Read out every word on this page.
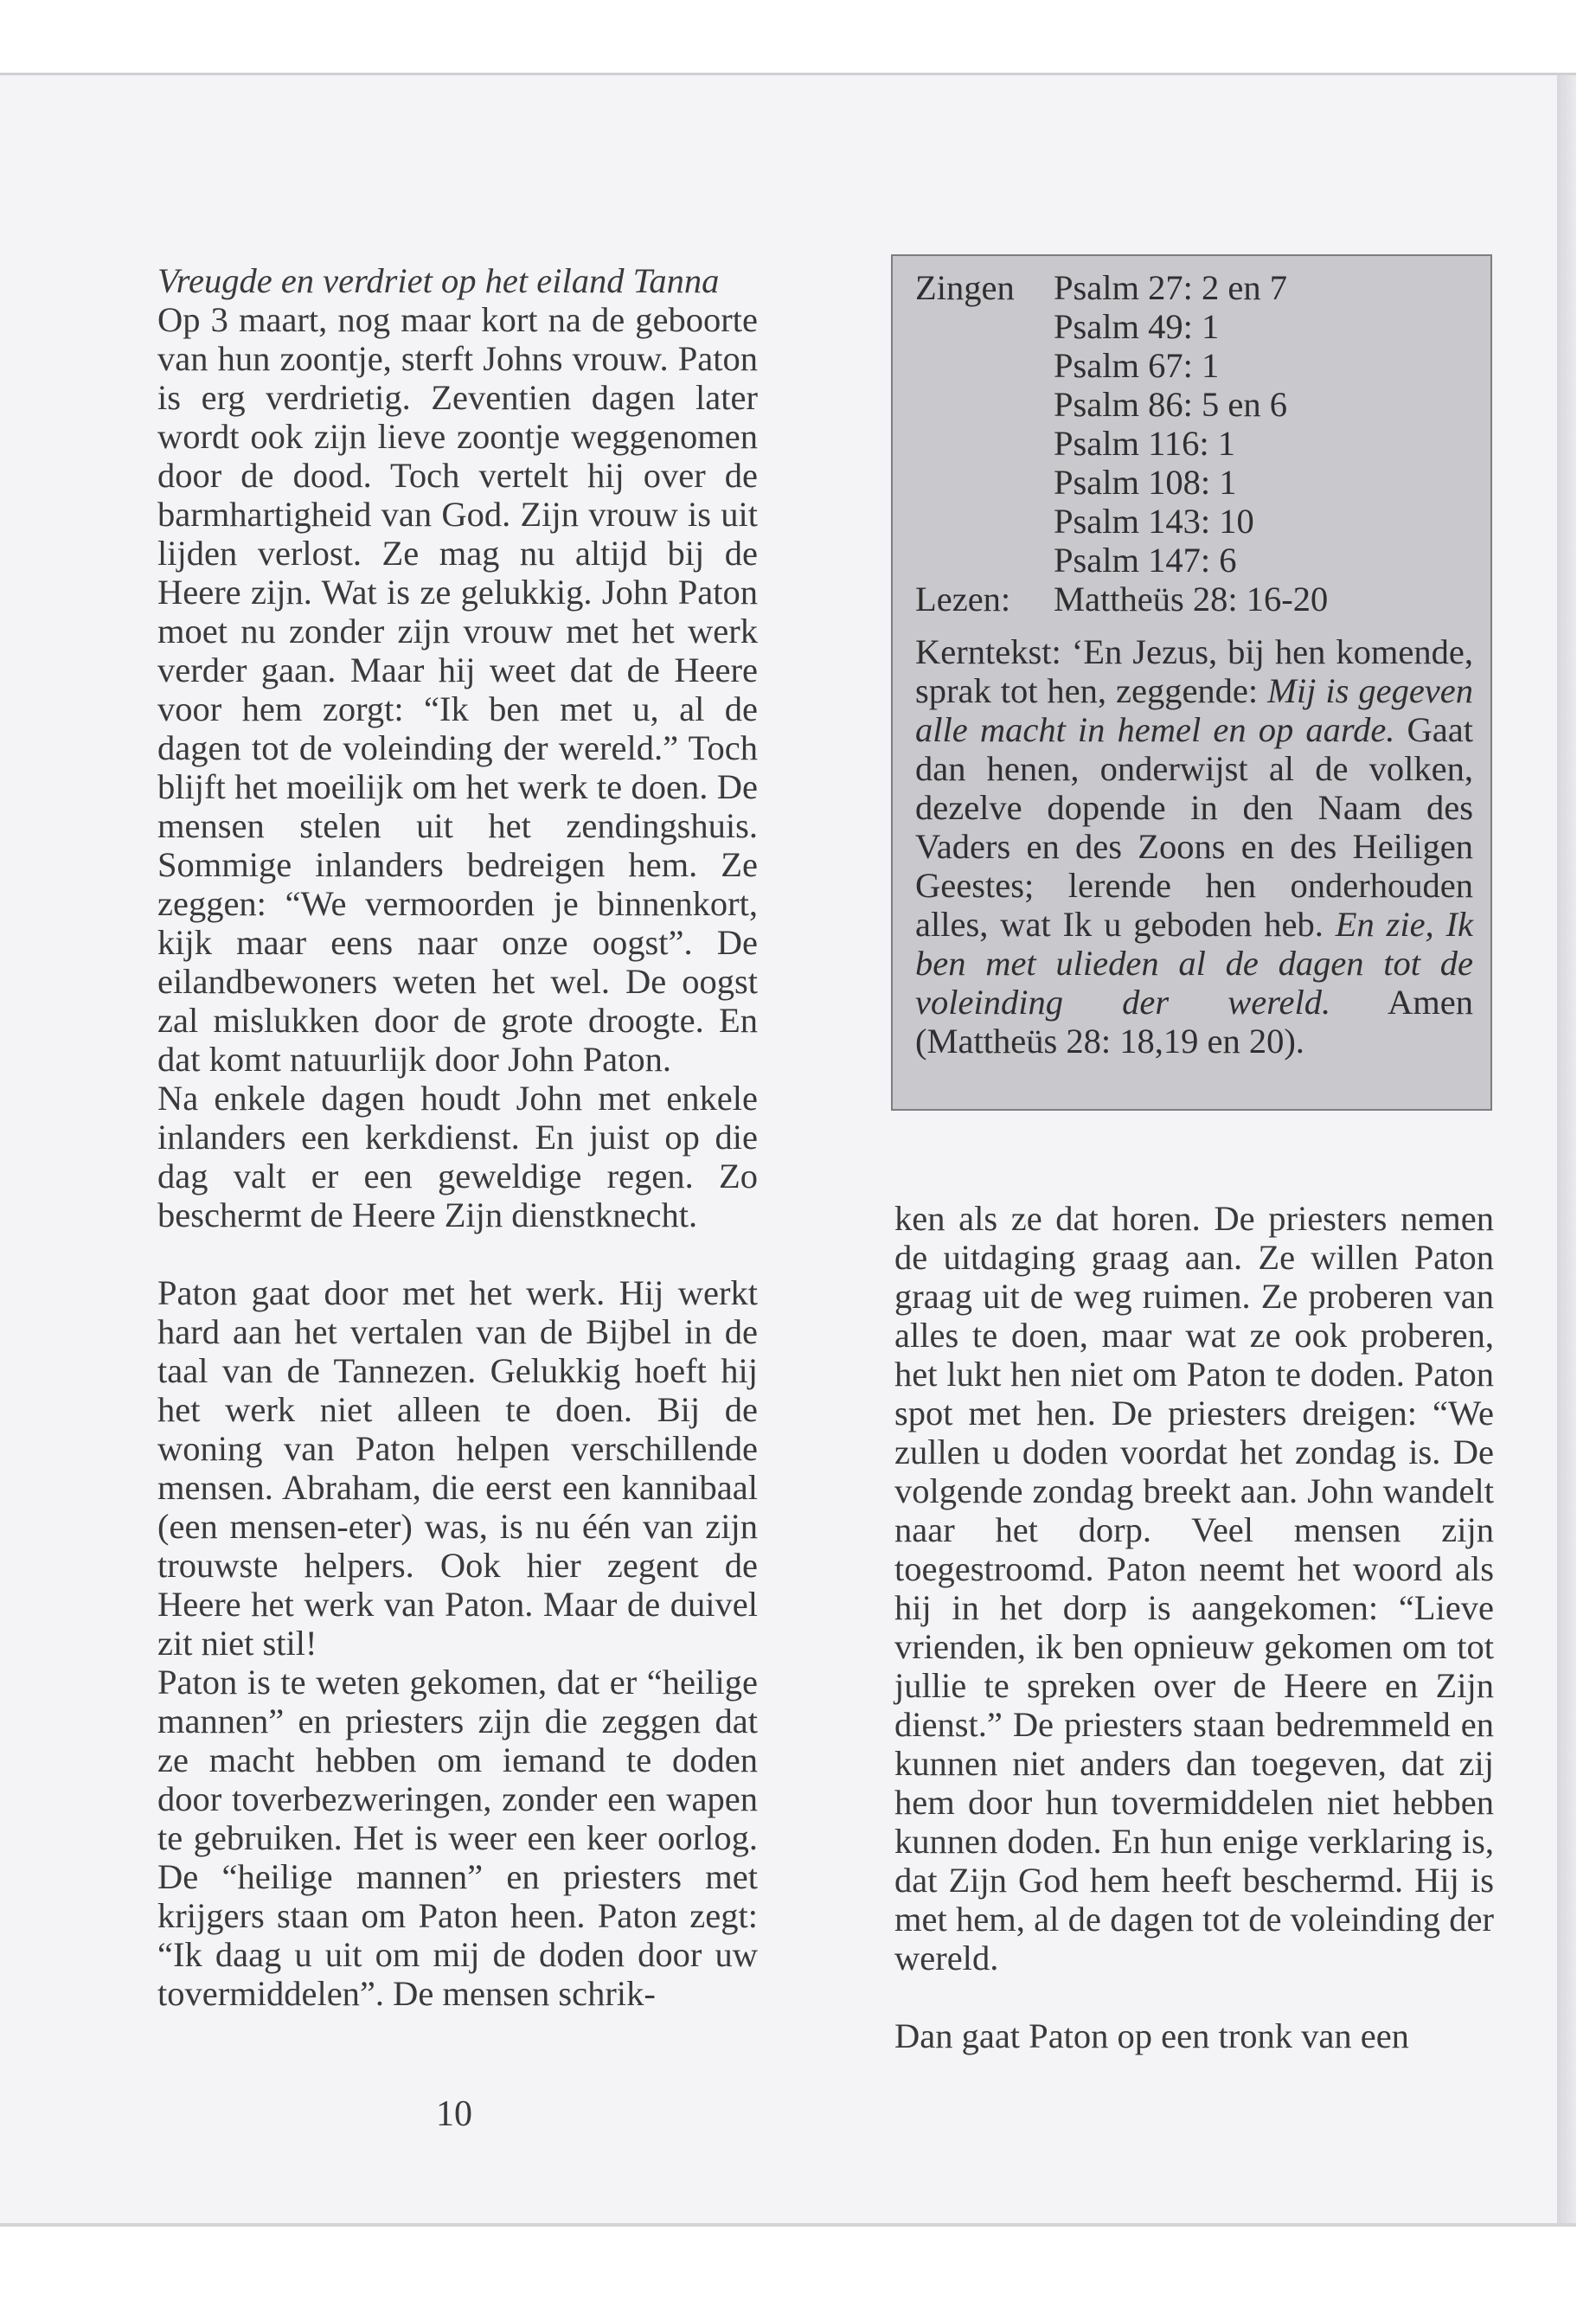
Vreugde en verdriet op het eiland Tanna

Op 3 maart, nog maar kort na de geboorte van hun zoontje, sterft Johns vrouw. Paton is erg verdrietig. Zeventien dagen later wordt ook zijn lieve zoontje weggenomen door de dood. Toch vertelt hij over de barmhartigheid van God. Zijn vrouw is uit lijden verlost. Ze mag nu altijd bij de Heere zijn. Wat is ze gelukkig. John Paton moet nu zonder zijn vrouw met het werk verder gaan. Maar hij weet dat de Heere voor hem zorgt: “Ik ben met u, al de dagen tot de voleinding der wereld.” Toch blijft het moeilijk om het werk te doen. De mensen stelen uit het zendingshuis. Sommige inlanders bedreigen hem. Ze zeggen: “We vermoorden je binnenkort, kijk maar eens naar onze oogst”. De eilandbewoners weten het wel. De oogst zal mislukken door de grote droogte. En dat komt natuurlijk door John Paton.

Na enkele dagen houdt John met enkele inlanders een kerkdienst. En juist op die dag valt er een geweldige regen. Zo beschermt de Heere Zijn dienstknecht.

Paton gaat door met het werk. Hij werkt hard aan het vertalen van de Bijbel in de taal van de Tannezen. Gelukkig hoeft hij het werk niet alleen te doen. Bij de woning van Paton helpen verschillende mensen. Abraham, die eerst een kannibaal (een mensen-eter) was, is nu één van zijn trouwste helpers. Ook hier zegent de Heere het werk van Paton. Maar de duivel zit niet stil!

Paton is te weten gekomen, dat er “heilige mannen” en priesters zijn die zeggen dat ze macht hebben om iemand te doden door toverbezweringen, zonder een wapen te gebruiken. Het is weer een keer oorlog. De “heilige mannen” en priesters met krijgers staan om Paton heen. Paton zegt: “Ik daag u uit om mij de doden door uw tovermiddelen”. De mensen schrik-

Zingen	Psalm 27: 2 en 7
Psalm 49: 1
Psalm 67: 1
Psalm 86: 5 en 6
Psalm 116: 1
Psalm 108: 1
Psalm 143: 10
Psalm 147: 6
Lezen:	Mattheüs 28: 16-20

Kerntekst: ‘En Jezus, bij hen komende, sprak tot hen, zeggende: Mij is gegeven alle macht in hemel en op aarde. Gaat dan henen, onderwijst al de volken, dezelve dopende in den Naam des Vaders en des Zoons en des Heiligen Geestes; lerende hen onderhouden alles, wat Ik u geboden heb. En zie, Ik ben met ulieden al de dagen tot de voleinding der wereld. Amen (Mattheüs 28: 18,19 en 20).

ken als ze dat horen. De priesters nemen de uitdaging graag aan. Ze willen Paton graag uit de weg ruimen. Ze proberen van alles te doen, maar wat ze ook proberen, het lukt hen niet om Paton te doden. Paton spot met hen. De priesters dreigen: “We zullen u doden voordat het zondag is. De volgende zondag breekt aan. John wandelt naar het dorp. Veel mensen zijn toegestroomd. Paton neemt het woord als hij in het dorp is aangekomen: “Lieve vrienden, ik ben opnieuw gekomen om tot jullie te spreken over de Heere en Zijn dienst.” De priesters staan bedremmeld en kunnen niet anders dan toegeven, dat zij hem door hun tovermiddelen niet hebben kunnen doden. En hun enige verklaring is, dat Zijn God hem heeft beschermd. Hij is met hem, al de dagen tot de voleinding der wereld.

Dan gaat Paton op een tronk van een

10
